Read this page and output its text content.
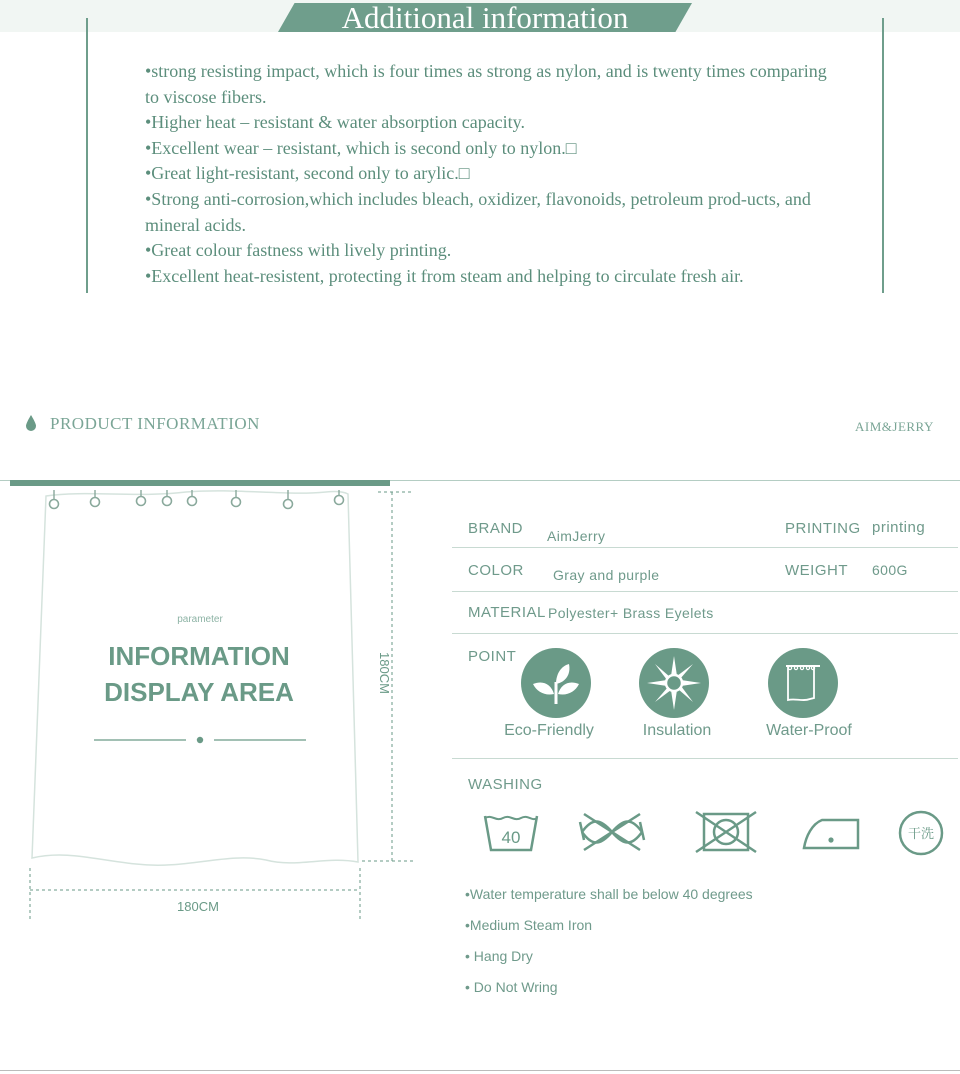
Additional information
•strong resisting impact, which is four times as strong as nylon, and is twenty times comparing to viscose fibers.
•Higher heat – resistant & water absorption capacity.
•Excellent wear – resistant, which is second only to nylon.□
•Great light-resistant, second only to arylic.□
•Strong anti-corrosion,which includes bleach, oxidizer, flavonoids, petroleum prod-ucts, and mineral acids.
•Great colour fastness with lively printing.
•Excellent heat-resistent, protecting it from steam and helping to circulate fresh air.
PRODUCT INFORMATION	AIM&JERRY
parameter
INFORMATION
DISPLAY AREA	180CM
180CM
BRAND AimJerry	PRINTING printing
COLOR Gray and purple	WEIGHT 600G
MATERIAL Polyester+ Brass Eyelets
POINT
Eco-Friendly	Insulation	Water-Proof
WASHING
40	干洗
•Water temperature shall be below 40 degrees
•Medium Steam Iron
• Hang Dry
• Do Not Wring
